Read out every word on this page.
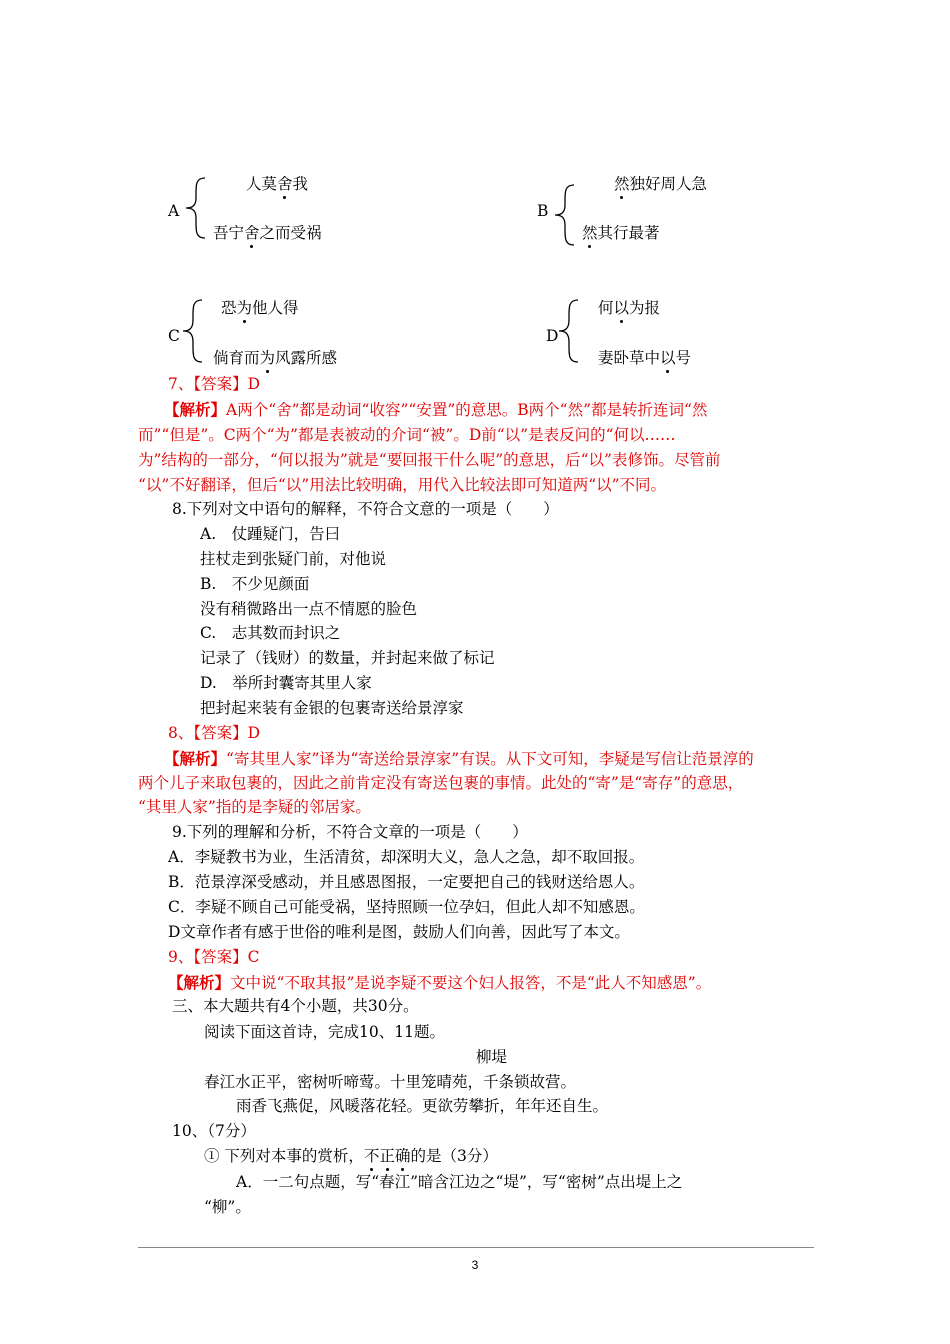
A
人莫舍我
吾宁舍之而受祸
B
然独好周人急
然其行最著
C
恐为他人得
倘育而为风露所感
D
何以为报
妻卧草中以号
7、【答案】D
【解析】A两个“舍”都是动词“收容”“安置”的意思。B两个“然”都是转折连词“然
而”“但是”。C两个“为”都是表被动的介词“被”。D前“以”是表反问的“何以……
为”结构的一部分，“何以报为”就是“要回报干什么呢”的意思，后“以”表修饰。尽管前
“以”不好翻译，但后“以”用法比较明确，用代入比较法即可知道两“以”不同。
8.下列对文中语句的解释，不符合文意的一项是（　　）
A.　仗踵疑门，告曰
拄杖走到张疑门前，对他说
B.　不少见颜面
没有稍微路出一点不情愿的脸色
C.　志其数而封识之
记录了（钱财）的数量，并封起来做了标记
D.　举所封囊寄其里人家
把封起来装有金银的包裹寄送给景淳家
8、【答案】D
【解析】“寄其里人家”译为“寄送给景淳家”有误。从下文可知，李疑是写信让范景淳的
两个儿子来取包裹的，因此之前肯定没有寄送包裹的事情。此处的“寄”是“寄存”的意思，
“其里人家”指的是李疑的邻居家。
9.下列的理解和分析，不符合文章的一项是（　　）
A．李疑教书为业，生活清贫，却深明大义，急人之急，却不取回报。
B．范景淳深受感动，并且感恩图报，一定要把自己的钱财送给恩人。
C．李疑不顾自己可能受祸，坚持照顾一位孕妇，但此人却不知感恩。
D文章作者有感于世俗的唯利是图，鼓励人们向善，因此写了本文。
9、【答案】C
【解析】文中说“不取其报”是说李疑不要这个妇人报答，不是“此人不知感恩”。
三、本大题共有4个小题，共30分。
阅读下面这首诗，完成10、11题。
柳堤
春江水正平，密树听啼莺。十里笼晴苑，千条锁故营。
雨香飞燕促，风暖落花轻。更欲劳攀折，年年还自生。
10、（7分）
① 下列对本事的赏析，不正确的是（3分）
A．一二句点题，写“春江”暗含江边之“堤”，写“密树”点出堤上之
“柳”。
3
